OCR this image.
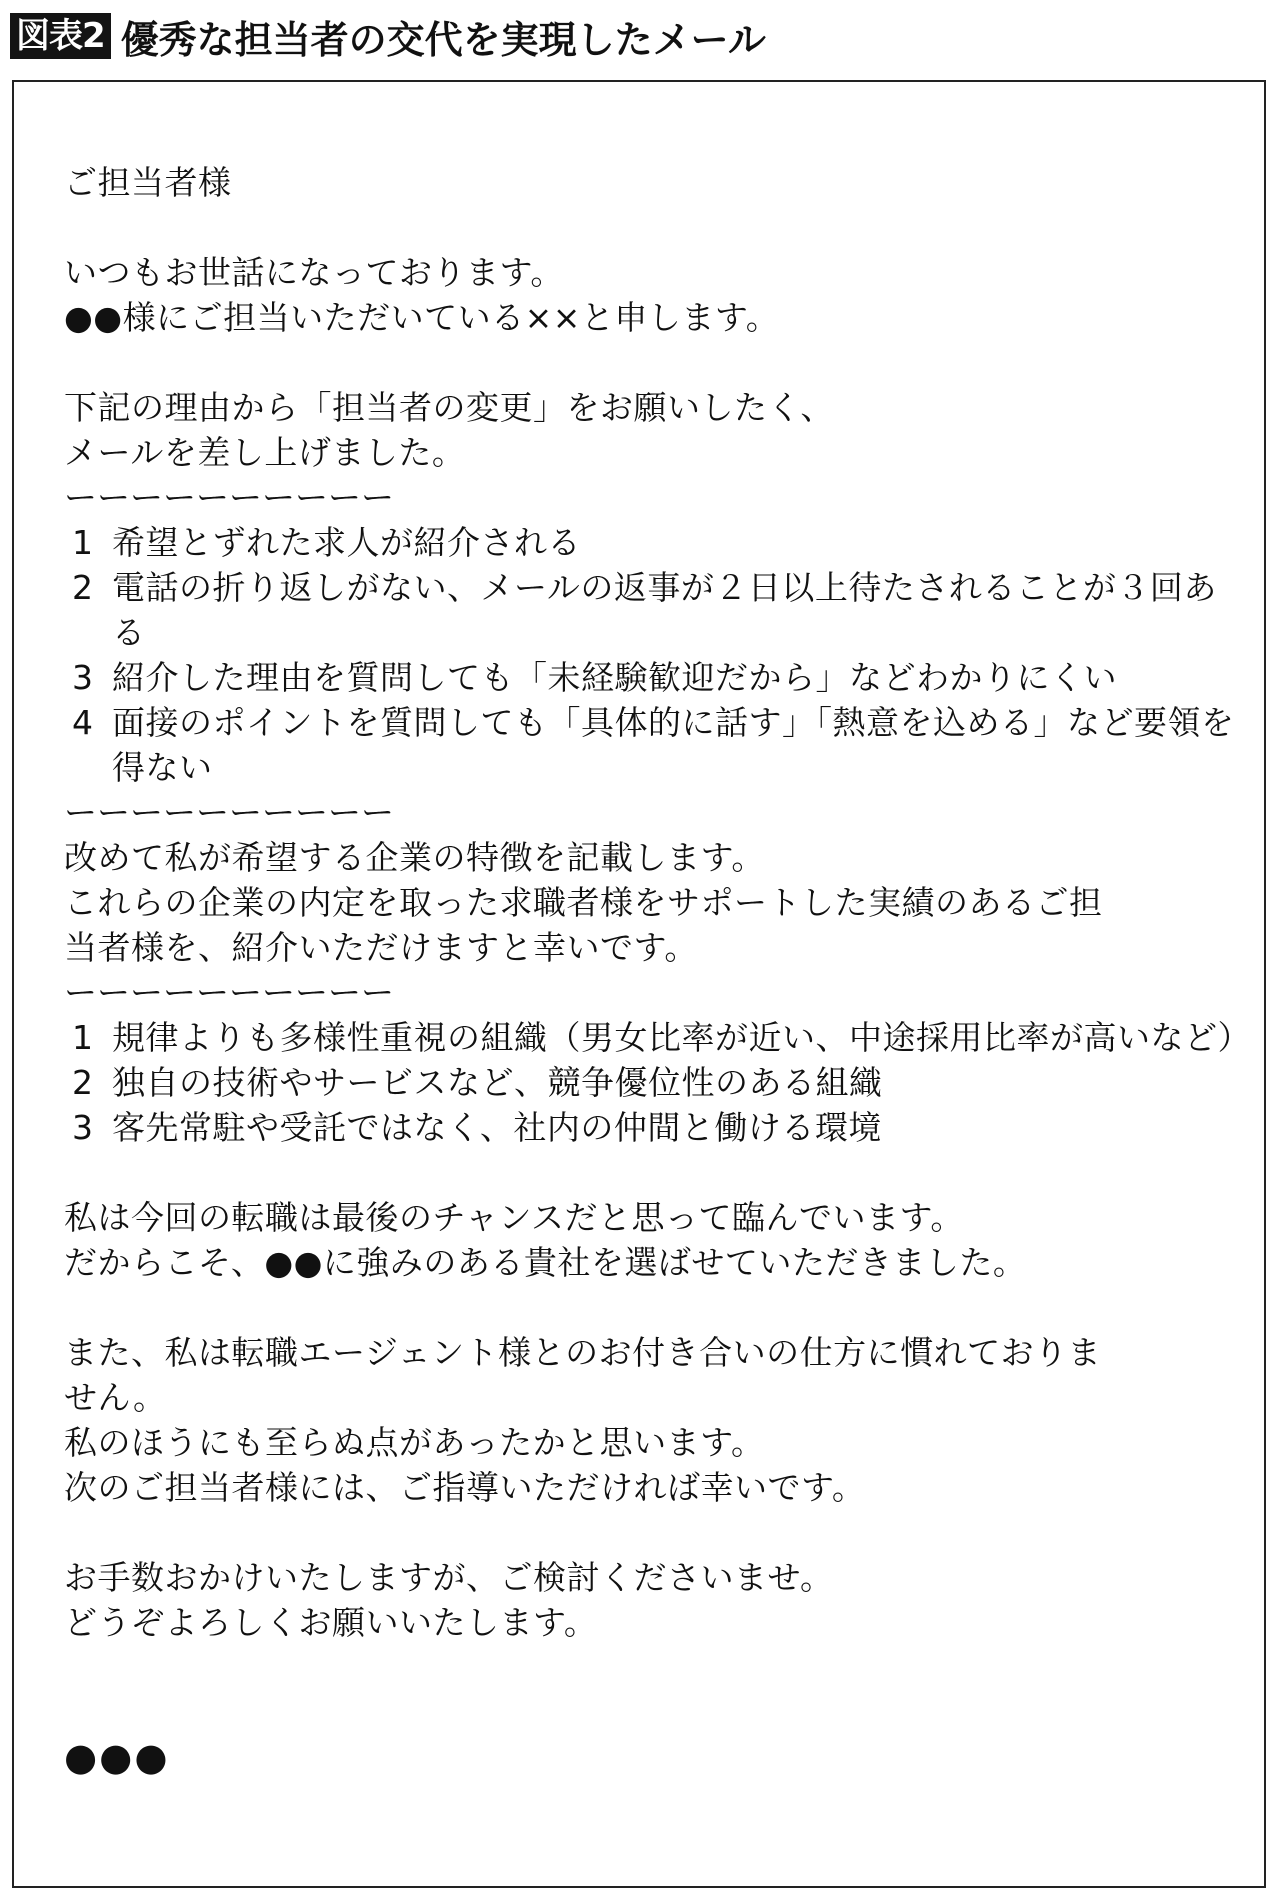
図表2 優秀な担当者の交代を実現したメール
ご担当者様
いつもお世話になっております。
●●様にご担当いただいている××と申します。
下記の理由から「担当者の変更」をお願いしたく、
メールを差し上げました。
ーーーーーーーーーー
1 希望とずれた求人が紹介される
2 電話の折り返しがない、メールの返事が２日以上待たされることが３回ある
3 紹介した理由を質問しても「未経験歓迎だから」などわかりにくい
4 面接のポイントを質問しても「具体的に話す」「熱意を込める」など要領を得ない
ーーーーーーーーーー
改めて私が希望する企業の特徴を記載します。
これらの企業の内定を取った求職者様をサポートした実績のあるご担
当者様を、紹介いただけますと幸いです。
ーーーーーーーーーー
1 規律よりも多様性重視の組織（男女比率が近い、中途採用比率が高いなど）
2 独自の技術やサービスなど、競争優位性のある組織
3 客先常駐や受託ではなく、社内の仲間と働ける環境
私は今回の転職は最後のチャンスだと思って臨んでいます。
だからこそ、●●に強みのある貴社を選ばせていただきました。
また、私は転職エージェント様とのお付き合いの仕方に慣れておりま
せん。
私のほうにも至らぬ点があったかと思います。
次のご担当者様には、ご指導いただければ幸いです。
お手数おかけいたしますが、ご検討くださいませ。
どうぞよろしくお願いいたします。
●●●
